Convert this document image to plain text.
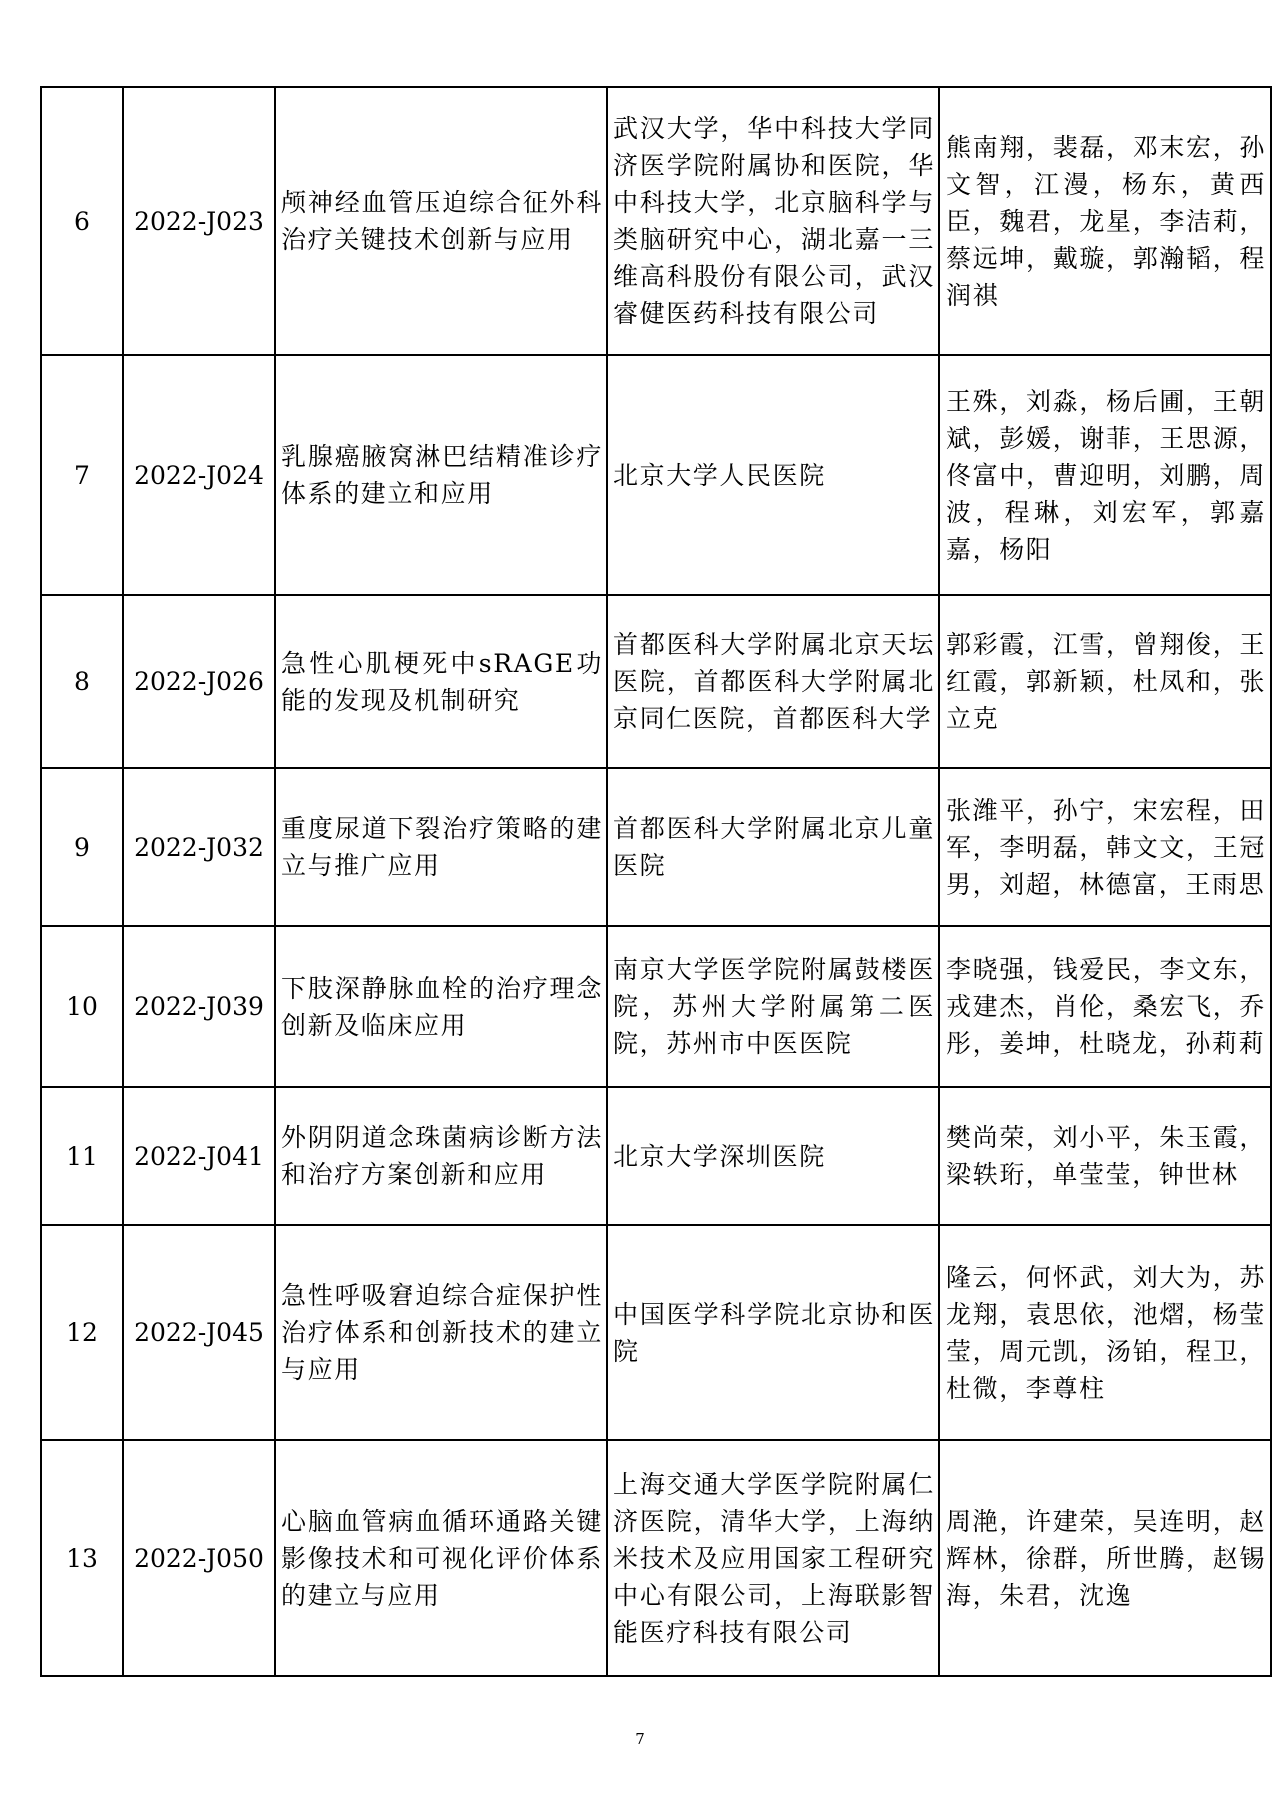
6	2022-J023	颅神经血管压迫综合征外科治疗关键技术创新与应用	武汉大学，华中科技大学同济医学院附属协和医院，华中科技大学，北京脑科学与类脑研究中心，湖北嘉一三维高科股份有限公司，武汉睿健医药科技有限公司	熊南翔，裴磊，邓末宏，孙文智，江漫，杨东，黄西臣，魏君，龙星，李洁莉，蔡远坤，戴璇，郭瀚韬，程润祺
7	2022-J024	乳腺癌腋窝淋巴结精准诊疗体系的建立和应用	北京大学人民医院	王殊，刘淼，杨后圃，王朝斌，彭媛，谢菲，王思源，佟富中，曹迎明，刘鹏，周波，程琳，刘宏军，郭嘉嘉，杨阳
8	2022-J026	急性心肌梗死中sRAGE功能的发现及机制研究	首都医科大学附属北京天坛医院，首都医科大学附属北京同仁医院，首都医科大学	郭彩霞，江雪，曾翔俊，王红霞，郭新颖，杜凤和，张立克
9	2022-J032	重度尿道下裂治疗策略的建立与推广应用	首都医科大学附属北京儿童医院	张潍平，孙宁，宋宏程，田军，李明磊，韩文文，王冠男，刘超，林德富，王雨思
10	2022-J039	下肢深静脉血栓的治疗理念创新及临床应用	南京大学医学院附属鼓楼医院，苏州大学附属第二医院，苏州市中医医院	李晓强，钱爱民，李文东，戎建杰，肖伦，桑宏飞，乔彤，姜坤，杜晓龙，孙莉莉
11	2022-J041	外阴阴道念珠菌病诊断方法和治疗方案创新和应用	北京大学深圳医院	樊尚荣，刘小平，朱玉霞，梁轶珩，单莹莹，钟世林
12	2022-J045	急性呼吸窘迫综合症保护性治疗体系和创新技术的建立与应用	中国医学科学院北京协和医院	隆云，何怀武，刘大为，苏龙翔，袁思依，池熠，杨莹莹，周元凯，汤铂，程卫，杜微，李尊柱
13	2022-J050	心脑血管病血循环通路关键影像技术和可视化评价体系的建立与应用	上海交通大学医学院附属仁济医院，清华大学，上海纳米技术及应用国家工程研究中心有限公司，上海联影智能医疗科技有限公司	周滟，许建荣，吴连明，赵辉林，徐群，所世腾，赵锡海，朱君，沈逸
7
